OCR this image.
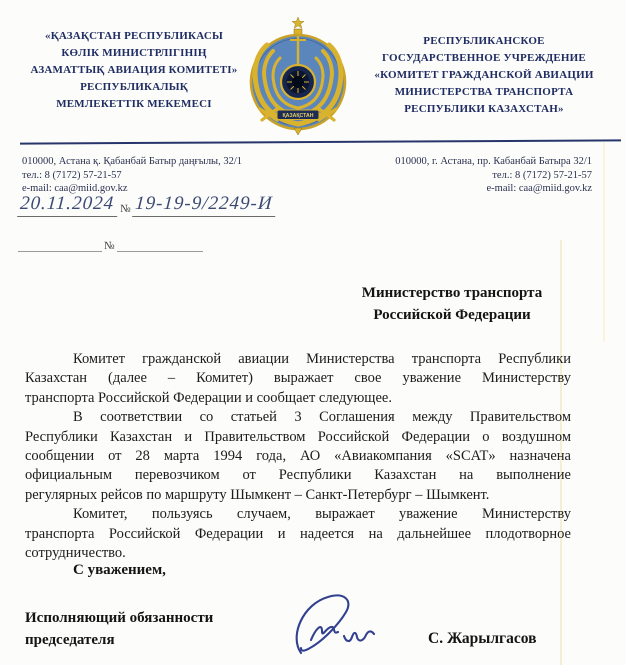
«ҚАЗАҚСТАН РЕСПУБЛИКАСЫ
КӨЛІК МИНИСТРЛІГІНІҢ
АЗАМАТТЫҚ АВИАЦИЯ КОМИТЕТІ»
РЕСПУБЛИКАЛЫҚ
МЕМЛЕКЕТТІК МЕКЕМЕСІ
ҚАЗАҚСТАН
РЕСПУБЛИКАНСКОЕ
ГОСУДАРСТВЕННОЕ УЧРЕЖДЕНИЕ
«КОМИТЕТ ГРАЖДАНСКОЙ АВИАЦИИ
МИНИСТЕРСТВА ТРАНСПОРТА
РЕСПУБЛИКИ КАЗАХСТАН»
010000, Астана қ. Қабанбай Батыр даңғылы, 32/1
тел.: 8 (7172) 57-21-57
e-mail: caa@miid.gov.kz
010000, г. Астана, пр. Кабанбай Батыра 32/1
тел.: 8 (7172) 57-21-57
e-mail: caa@miid.gov.kz
20.11.2024 № 19-19-9/2249-И
№
Министерство транспорта
Российской Федерации
Комитет гражданской авиации Министерства транспорта Республики
Казахстан (далее – Комитет) выражает свое уважение Министерству
транспорта Российской Федерации и сообщает следующее.
В соответствии со статьей 3 Соглашения между Правительством
Республики Казахстан и Правительством Российской Федерации о воздушном
сообщении от 28 марта 1994 года, АО «Авиакомпания «SCAT» назначена
официальным перевозчиком от Республики Казахстан на выполнение
регулярных рейсов по маршруту Шымкент – Санкт-Петербург – Шымкент.
Комитет, пользуясь случаем, выражает уважение Министерству
транспорта Российской Федерации и надеется на дальнейшее плодотворное
сотрудничество.
С уважением,
Исполняющий обязанности
председателя	С. Жарылгасов
